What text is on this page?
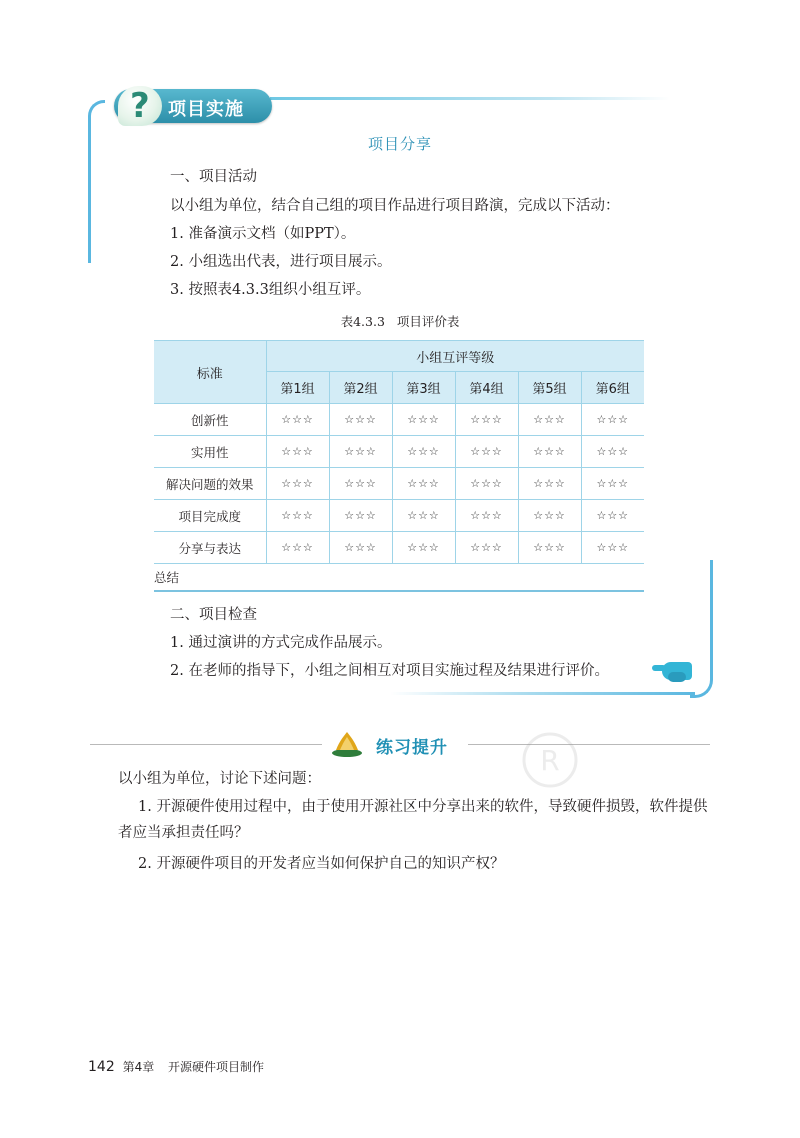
? 项目实施
项目分享
一、项目活动
以小组为单位，结合自己组的项目作品进行项目路演，完成以下活动：
1. 准备演示文档（如PPT）。
2. 小组选出代表，进行项目展示。
3. 按照表4.3.3组织小组互评。
表4.3.3 项目评价表
标准	小组互评等级					
	第1组	第2组	第3组	第4组	第5组	第6组
创新性	☆☆☆	☆☆☆	☆☆☆	☆☆☆	☆☆☆	☆☆☆
实用性	☆☆☆	☆☆☆	☆☆☆	☆☆☆	☆☆☆	☆☆☆
解决问题的效果	☆☆☆	☆☆☆	☆☆☆	☆☆☆	☆☆☆	☆☆☆
项目完成度	☆☆☆	☆☆☆	☆☆☆	☆☆☆	☆☆☆	☆☆☆
分享与表达	☆☆☆	☆☆☆	☆☆☆	☆☆☆	☆☆☆	☆☆☆
总结						
二、项目检查
1. 通过演讲的方式完成作品展示。
2. 在老师的指导下，小组之间相互对项目实施过程及结果进行评价。
练习提升	R
以小组为单位，讨论下述问题：
1. 开源硬件使用过程中，由于使用开源社区中分享出来的软件，导致硬件损毁，软件提供者应当承担责任吗？
2. 开源硬件项目的开发者应当如何保护自己的知识产权？
142 第4章 开源硬件项目制作
